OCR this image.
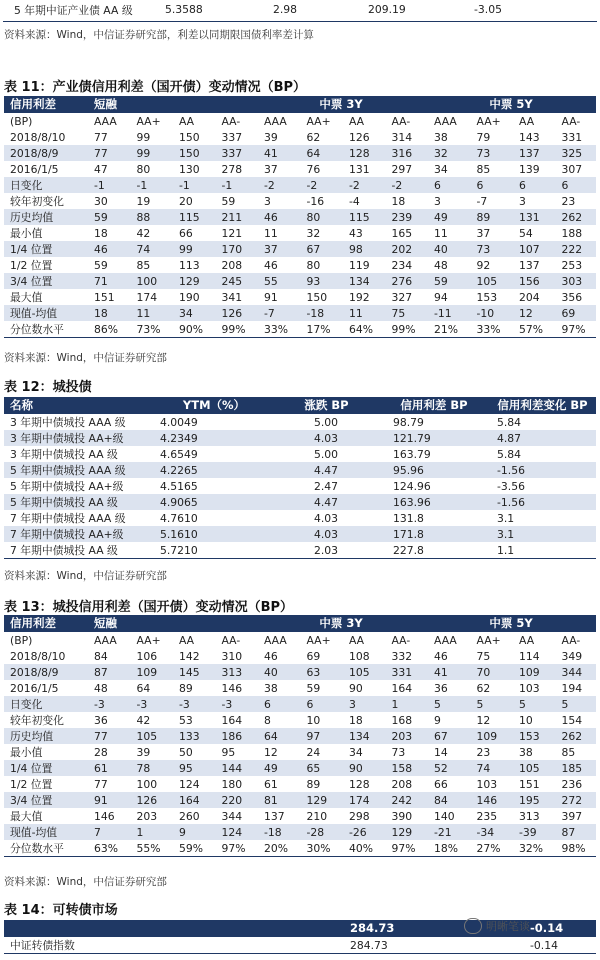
5 年期中证产业债 AA 级	5.3588	2.98	209.19	-3.05
资料来源：Wind，中信证券研究部，利差以同期限国债利率差计算
表 11：产业债信用利差（国开债）变动情况（BP）
信用利差	短融				中票 3Y				中票 5Y			
(BP)	AAA	AA+	AA	AA-	AAA	AA+	AA	AA-	AAA	AA+	AA	AA-
2018/8/10	77	99	150	337	39	62	126	314	38	79	143	331
2018/8/9	77	99	150	337	41	64	128	316	32	73	137	325
2016/1/5	47	80	130	278	37	76	131	297	34	85	139	307
日变化	-1	-1	-1	-1	-2	-2	-2	-2	6	6	6	6
较年初变化	30	19	20	59	3	-16	-4	18	3	-7	3	23
历史均值	59	88	115	211	46	80	115	239	49	89	131	262
最小值	18	42	66	121	11	32	43	165	11	37	54	188
1/4 位置	46	74	99	170	37	67	98	202	40	73	107	222
1/2 位置	59	85	113	208	46	80	119	234	48	92	137	253
3/4 位置	71	100	129	245	55	93	134	276	59	105	156	303
最大值	151	174	190	341	91	150	192	327	94	153	204	356
现值-均值	18	11	34	126	-7	-18	11	75	-11	-10	12	69
分位数水平	86%	73%	90%	99%	33%	17%	64%	99%	21%	33%	57%	97%
资料来源：Wind，中信证券研究部
表 12：城投债
名称	YTM（%）	涨跌 BP	信用利差 BP	信用利差变化 BP
3 年期中债城投 AAA 级	4.0049	5.00	98.79	5.84
3 年期中债城投 AA+级	4.2349	4.03	121.79	4.87
3 年期中债城投 AA 级	4.6549	5.00	163.79	5.84
5 年期中债城投 AAA 级	4.2265	4.47	95.96	-1.56
5 年期中债城投 AA+级	4.5165	2.47	124.96	-3.56
5 年期中债城投 AA 级	4.9065	4.47	163.96	-1.56
7 年期中债城投 AAA 级	4.7610	4.03	131.8	3.1
7 年期中债城投 AA+级	5.1610	4.03	171.8	3.1
7 年期中债城投 AA 级	5.7210	2.03	227.8	1.1
资料来源：Wind，中信证券研究部
表 13：城投信用利差（国开债）变动情况（BP）
信用利差	短融				中票 3Y				中票 5Y			
(BP)	AAA	AA+	AA	AA-	AAA	AA+	AA	AA-	AAA	AA+	AA	AA-
2018/8/10	84	106	142	310	46	69	108	332	46	75	114	349
2018/8/9	87	109	145	313	40	63	105	331	41	70	109	344
2016/1/5	48	64	89	146	38	59	90	164	36	62	103	194
日变化	-3	-3	-3	-3	6	6	3	1	5	5	5	5
较年初变化	36	42	53	164	8	10	18	168	9	12	10	154
历史均值	77	105	133	186	64	97	134	203	67	109	153	262
最小值	28	39	50	95	12	24	34	73	14	23	38	85
1/4 位置	61	78	95	144	49	65	90	158	52	74	105	185
1/2 位置	77	100	124	180	61	89	128	208	66	103	151	236
3/4 位置	91	126	164	220	81	129	174	242	84	146	195	272
最大值	146	203	260	344	137	210	298	390	140	235	313	397
现值-均值	7	1	9	124	-18	-28	-26	129	-21	-34	-39	87
分位数水平	63%	55%	59%	97%	20%	30%	40%	97%	18%	27%	32%	98%
资料来源：Wind，中信证券研究部
表 14：可转债市场
	284.73	-0.14
中证转债指数	284.73	-0.14
明晰笔谈
